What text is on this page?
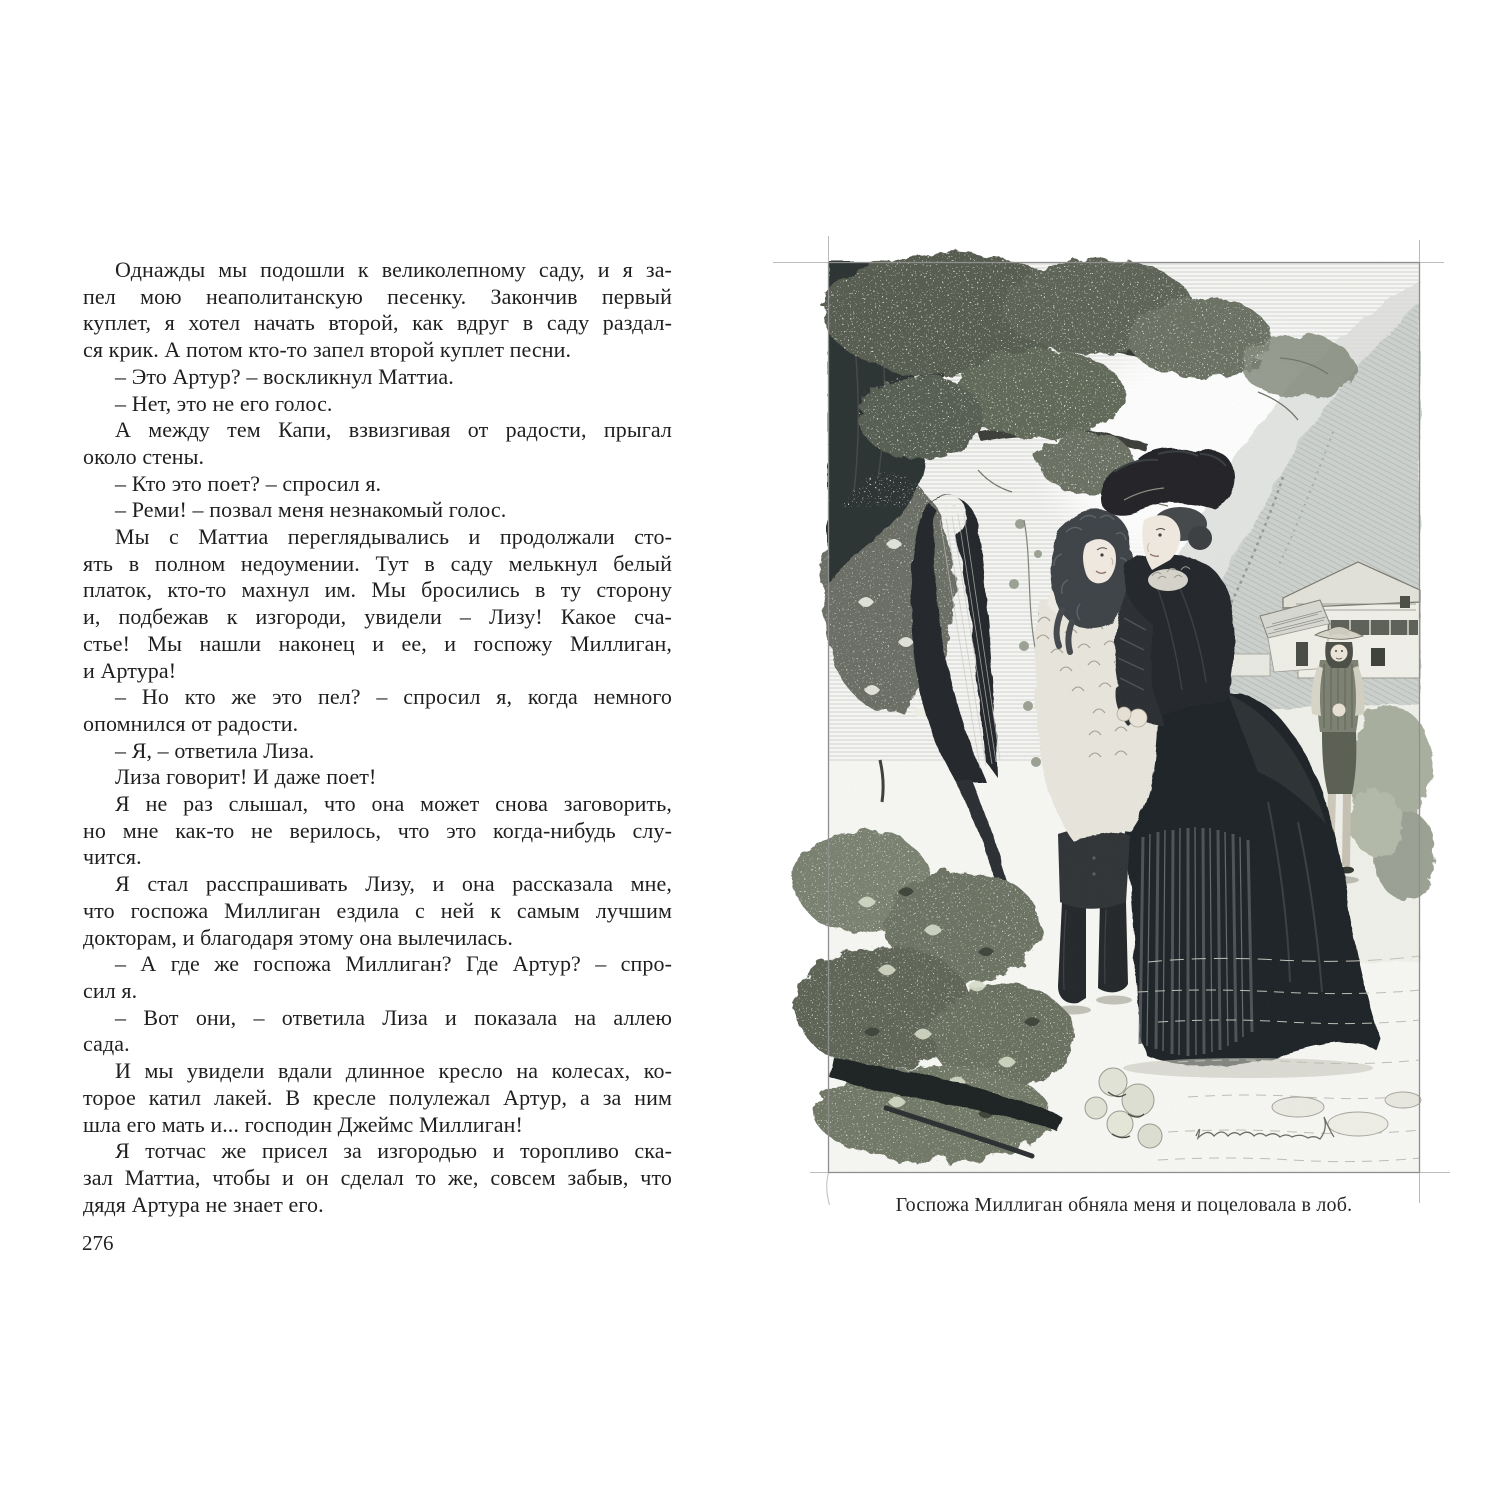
Однажды мы подошли к великолепному саду, и я за-
пел мою неаполитанскую песенку. Закончив первый
куплет, я хотел начать второй, как вдруг в саду раздал-
ся крик. А потом кто-то запел второй куплет песни.
– Это Артур? – воскликнул Маттиа.
– Нет, это не его голос.
А между тем Капи, взвизгивая от радости, прыгал
около стены.
– Кто это поет? – спросил я.
– Реми! – позвал меня незнакомый голос.
Мы с Маттиа переглядывались и продолжали сто-
ять в полном недоумении. Тут в саду мелькнул белый
платок, кто-то махнул им. Мы бросились в ту сторону
и, подбежав к изгороди, увидели – Лизу! Какое сча-
стье! Мы нашли наконец и ее, и госпожу Миллиган,
и Артура!
– Но кто же это пел? – спросил я, когда немного
опомнился от радости.
– Я, – ответила Лиза.
Лиза говорит! И даже поет!
Я не раз слышал, что она может снова заговорить,
но мне как-то не верилось, что это когда-нибудь слу-
чится.
Я стал расспрашивать Лизу, и она рассказала мне,
что госпожа Миллиган ездила с ней к самым лучшим
докторам, и благодаря этому она вылечилась.
– А где же госпожа Миллиган? Где Артур? – спро-
сил я.
– Вот они, – ответила Лиза и показала на аллею
сада.
И мы увидели вдали длинное кресло на колесах, ко-
торое катил лакей. В кресле полулежал Артур, а за ним
шла его мать и... господин Джеймс Миллиган!
Я тотчас же присел за изгородью и торопливо ска-
зал Маттиа, чтобы и он сделал то же, совсем забыв, что
дядя Артура не знает его.
276
Госпожа Миллиган обняла меня и поцеловала в лоб.
